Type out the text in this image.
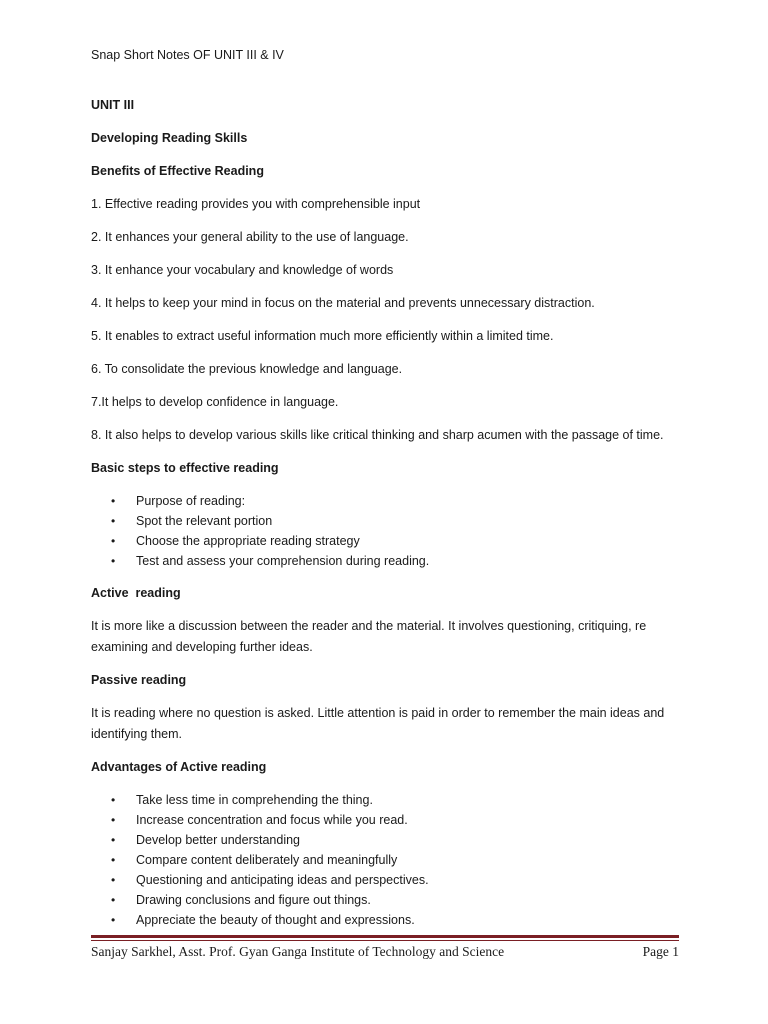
Snap Short Notes OF UNIT III & IV

UNIT III

Developing Reading Skills

Benefits of Effective Reading

1. Effective reading provides you with comprehensible input

2. It enhances your general ability to the use of language.

3. It enhance your vocabulary and knowledge of words

4. It helps to keep your mind in focus on the material and prevents unnecessary distraction.

5. It enables to extract useful information much more efficiently within a limited time.

6. To consolidate the previous knowledge and language.

7.It helps to develop confidence in language.

8. It also helps to develop various skills like critical thinking and sharp acumen with the passage of time.

Basic steps to effective reading

• Purpose of reading:
• Spot the relevant portion
• Choose the appropriate reading strategy
• Test and assess your comprehension during reading.

Active  reading

It is more like a discussion between the reader and the material. It involves questioning, critiquing, re examining and developing further ideas.

Passive reading

It is reading where no question is asked. Little attention is paid in order to remember the main ideas and identifying them.

Advantages of Active reading

• Take less time in comprehending the thing.
• Increase concentration and focus while you read.
• Develop better understanding
• Compare content deliberately and meaningfully
• Questioning and anticipating ideas and perspectives.
• Drawing conclusions and figure out things.
• Appreciate the beauty of thought and expressions.
Sanjay Sarkhel, Asst. Prof. Gyan Ganga Institute of Technology and Science	Page 1
